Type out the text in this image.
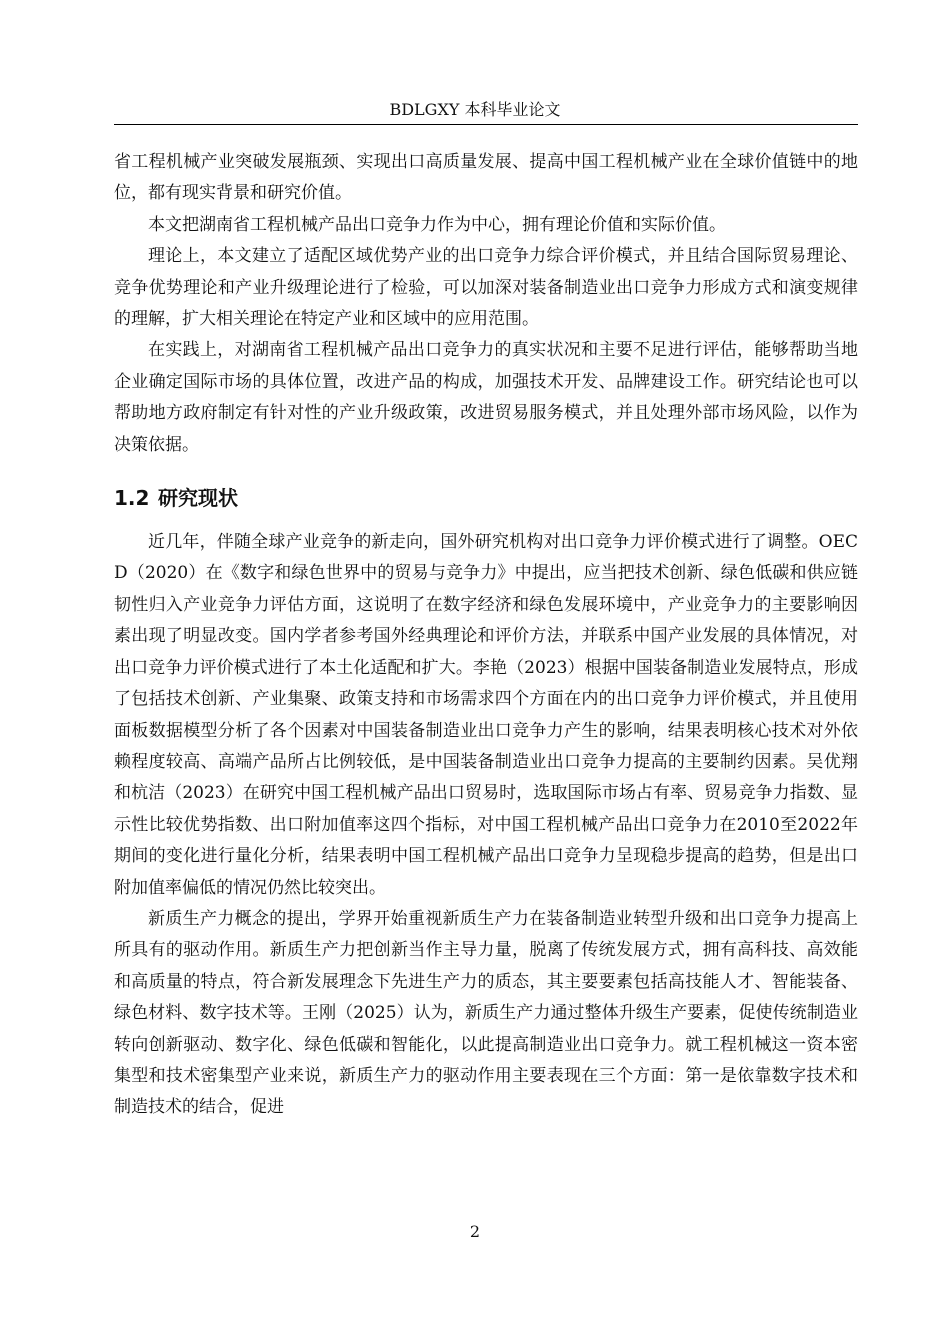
BDLGXY 本科毕业论文

省工程机械产业突破发展瓶颈、实现出口高质量发展、提高中国工程机械产业在全球价值链中的地位，都有现实背景和研究价值。

本文把湖南省工程机械产品出口竞争力作为中心，拥有理论价值和实际价值。

理论上，本文建立了适配区域优势产业的出口竞争力综合评价模式，并且结合国际贸易理论、竞争优势理论和产业升级理论进行了检验，可以加深对装备制造业出口竞争力形成方式和演变规律的理解，扩大相关理论在特定产业和区域中的应用范围。

在实践上，对湖南省工程机械产品出口竞争力的真实状况和主要不足进行评估，能够帮助当地企业确定国际市场的具体位置，改进产品的构成，加强技术开发、品牌建设工作。研究结论也可以帮助地方政府制定有针对性的产业升级政策，改进贸易服务模式，并且处理外部市场风险，以作为决策依据。

1.2 研究现状

近几年，伴随全球产业竞争的新走向，国外研究机构对出口竞争力评价模式进行了调整。OECD（2020）在《数字和绿色世界中的贸易与竞争力》中提出，应当把技术创新、绿色低碳和供应链韧性归入产业竞争力评估方面，这说明了在数字经济和绿色发展环境中，产业竞争力的主要影响因素出现了明显改变。国内学者参考国外经典理论和评价方法，并联系中国产业发展的具体情况，对出口竞争力评价模式进行了本土化适配和扩大。李艳（2023）根据中国装备制造业发展特点，形成了包括技术创新、产业集聚、政策支持和市场需求四个方面在内的出口竞争力评价模式，并且使用面板数据模型分析了各个因素对中国装备制造业出口竞争力产生的影响，结果表明核心技术对外依赖程度较高、高端产品所占比例较低，是中国装备制造业出口竞争力提高的主要制约因素。吴优翔和杭洁（2023）在研究中国工程机械产品出口贸易时，选取国际市场占有率、贸易竞争力指数、显示性比较优势指数、出口附加值率这四个指标，对中国工程机械产品出口竞争力在2010至2022年期间的变化进行量化分析，结果表明中国工程机械产品出口竞争力呈现稳步提高的趋势，但是出口附加值率偏低的情况仍然比较突出。

新质生产力概念的提出，学界开始重视新质生产力在装备制造业转型升级和出口竞争力提高上所具有的驱动作用。新质生产力把创新当作主导力量，脱离了传统发展方式，拥有高科技、高效能和高质量的特点，符合新发展理念下先进生产力的质态，其主要要素包括高技能人才、智能装备、绿色材料、数字技术等。王刚（2025）认为，新质生产力通过整体升级生产要素，促使传统制造业转向创新驱动、数字化、绿色低碳和智能化，以此提高制造业出口竞争力。就工程机械这一资本密集型和技术密集型产业来说，新质生产力的驱动作用主要表现在三个方面：第一是依靠数字技术和制造技术的结合，促进

2
